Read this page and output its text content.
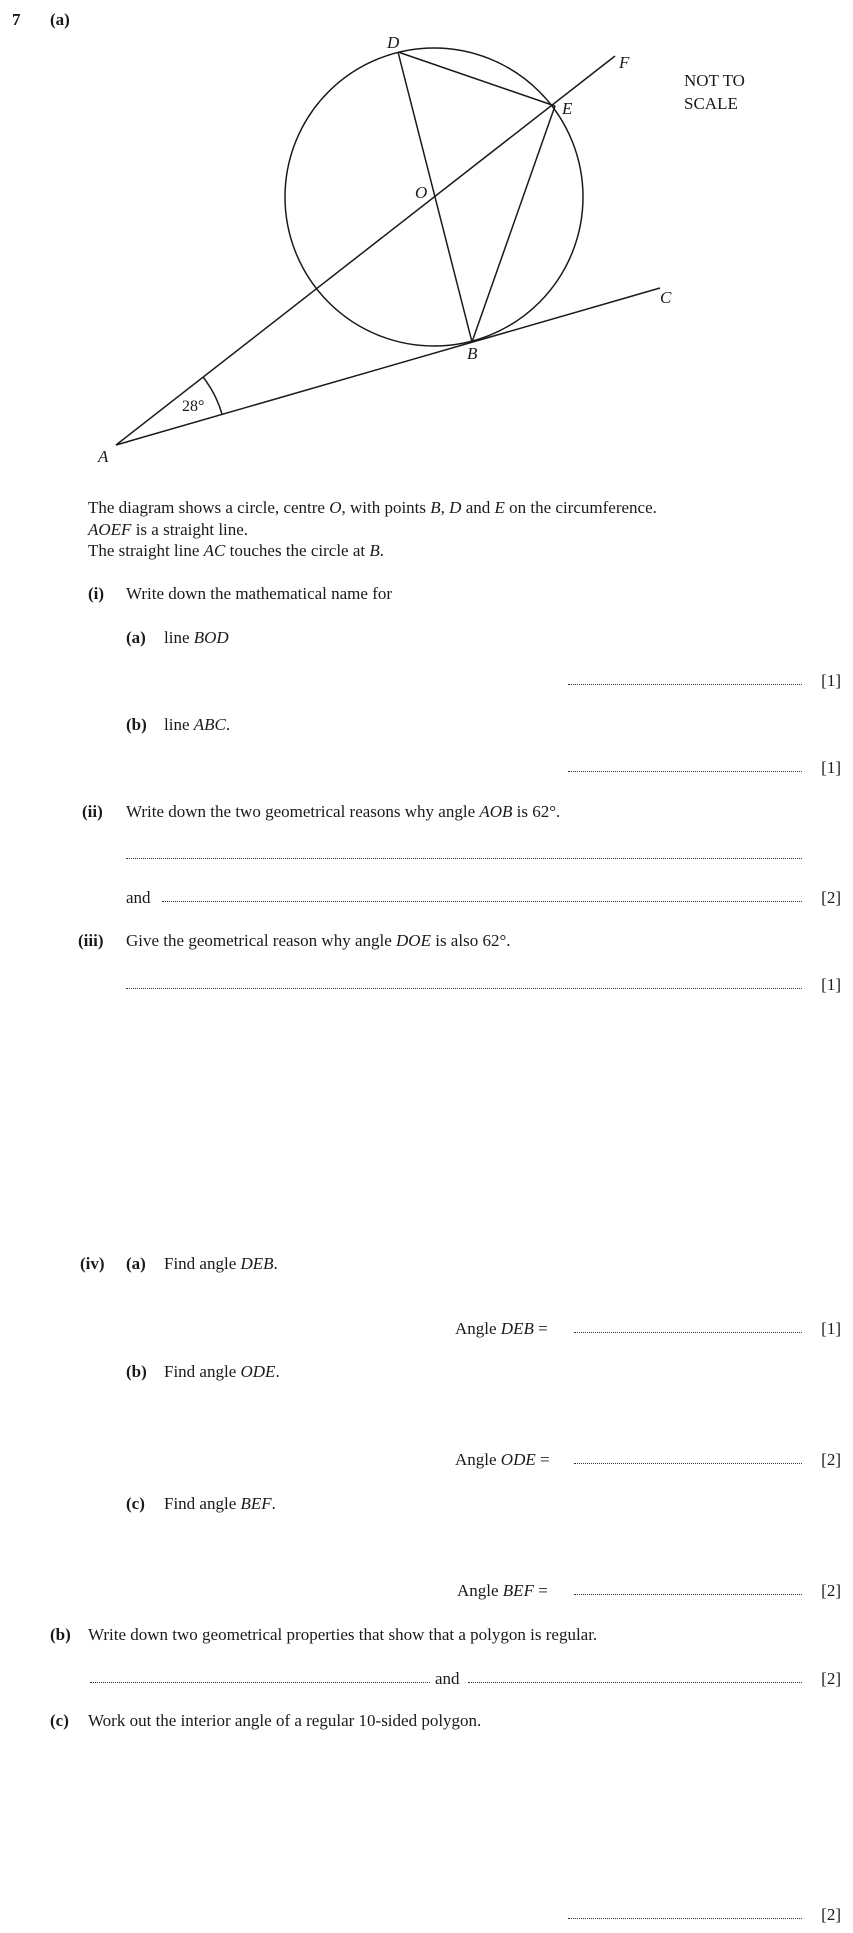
7 (a)
A
B
C
D
E
F
O
28°
NOT TO
SCALE
The diagram shows a circle, centre O, with points B, D and E on the circumference.
AOEF is a straight line.
The straight line AC touches the circle at B.
(i) Write down the mathematical name for
(a) line BOD
[1]
(b) line ABC.
[1]
(ii) Write down the two geometrical reasons why angle AOB is 62°.
and	[2]
(iii) Give the geometrical reason why angle DOE is also 62°.
[1]
(iv) (a) Find angle DEB.
Angle DEB =	[1]
(b) Find angle ODE.
Angle ODE =	[2]
(c) Find angle BEF.
Angle BEF =	[2]
(b) Write down two geometrical properties that show that a polygon is regular.
and	[2]
(c) Work out the interior angle of a regular 10-sided polygon.
[2]
